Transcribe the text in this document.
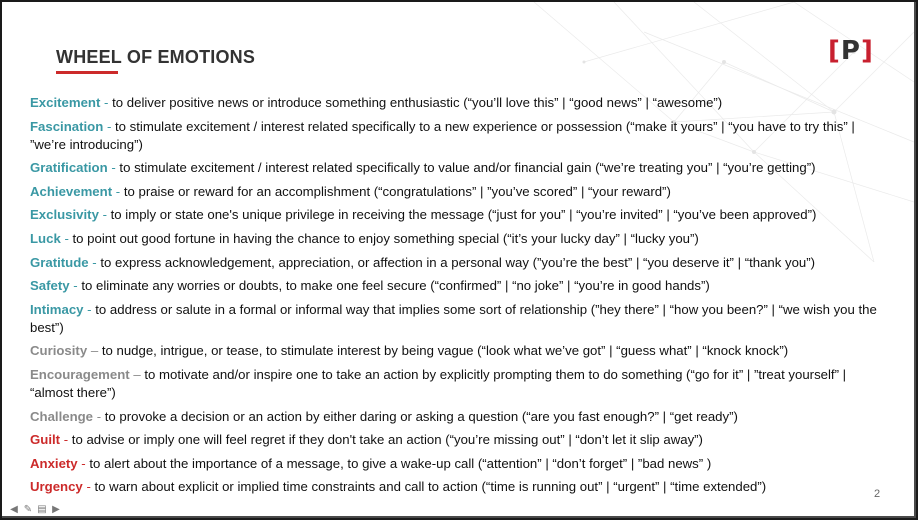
WHEEL OF EMOTIONS	[P]
Excitement - to deliver positive news or introduce something enthusiastic (“you’ll love this” | “good news” | “awesome”)
Fascination - to stimulate excitement / interest related specifically to a new experience or possession (“make it yours” | “you have to try this” | ”we’re introducing”)
Gratification - to stimulate excitement / interest related specifically to value and/or financial gain (“we’re treating you” | “you’re getting”)
Achievement - to praise or reward for an accomplishment (“congratulations” | ”you’ve scored” | “your reward”)
Exclusivity - to imply or state one's unique privilege in receiving the message (“just for you” | “you’re invited” | “you’ve been approved”)
Luck - to point out good fortune in having the chance to enjoy something special (“it’s your lucky day” | “lucky you”)
Gratitude - to express acknowledgement, appreciation, or affection in a personal way (”you’re the best” | “you deserve it” | “thank you”)
Safety - to eliminate any worries or doubts, to make one feel secure (“confirmed” | “no joke” | “you’re in good hands”)
Intimacy - to address or salute in a formal or informal way that implies some sort of relationship (”hey there” | “how you been?” | “we wish you the best”)
Curiosity – to nudge, intrigue, or tease, to stimulate interest by being vague (“look what we’ve got” | “guess what” | “knock knock”)
Encouragement – to motivate and/or inspire one to take an action by explicitly prompting them to do something (“go for it” | ”treat yourself” | “almost there”)
Challenge - to provoke a decision or an action by either daring or asking a question (“are you fast enough?” | “get ready”)
Guilt - to advise or imply one will feel regret if they don't take an action (“you’re missing out” | “don’t let it slip away”)
Anxiety - to alert about the importance of a message, to give a wake-up call (“attention” | “don’t forget” | ”bad news” )
Urgency - to warn about explicit or implied time constraints and call to action (“time is running out” | “urgent” | “time extended”)	2
◀ ✎ ▤ ▶
